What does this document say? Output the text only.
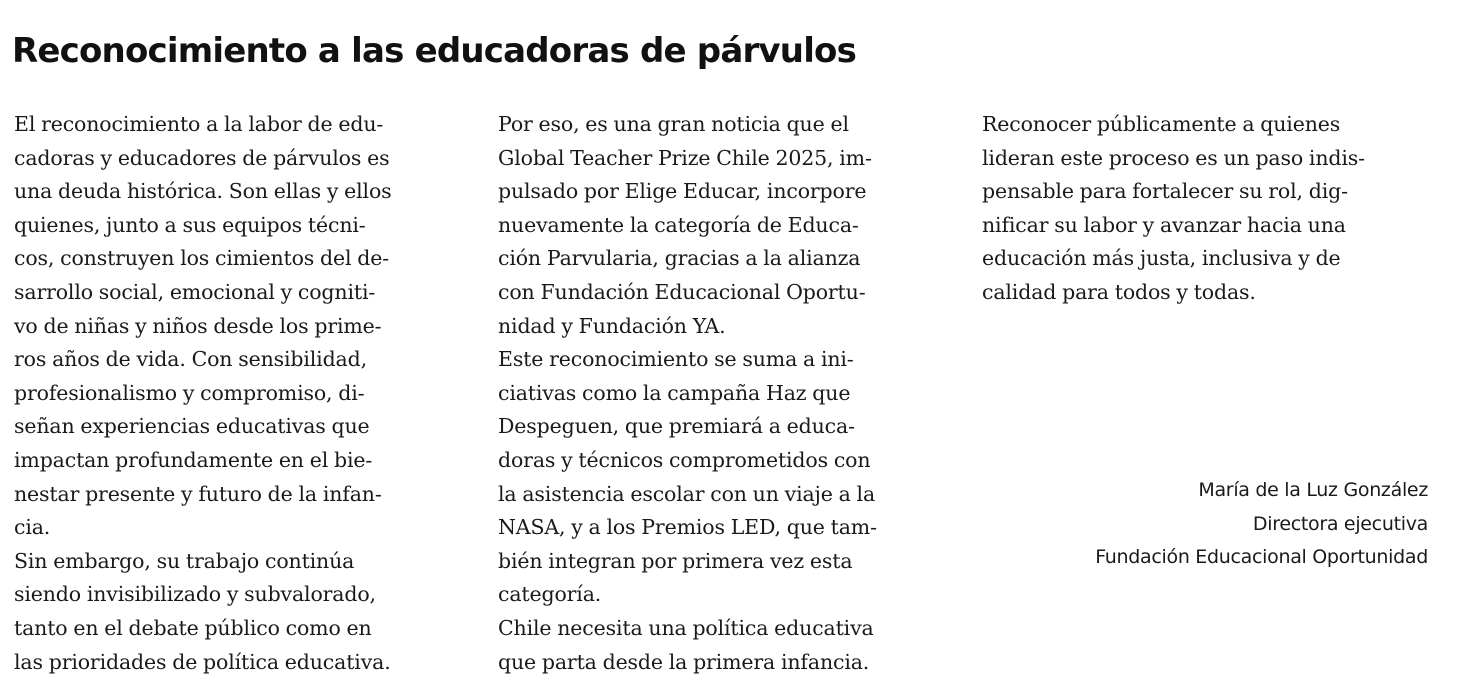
Reconocimiento a las educadoras de párvulos
El reconocimiento a la labor de edu-
cadoras y educadores de párvulos es
una deuda histórica. Son ellas y ellos
quienes, junto a sus equipos técni-
cos, construyen los cimientos del de-
sarrollo social, emocional y cogniti-
vo de niñas y niños desde los prime-
ros años de vida. Con sensibilidad,
profesionalismo y compromiso, di-
señan experiencias educativas que
impactan profundamente en el bie-
nestar presente y futuro de la infan-
cia.
Sin embargo, su trabajo continúa
siendo invisibilizado y subvalorado,
tanto en el debate público como en
las prioridades de política educativa.
Por eso, es una gran noticia que el
Global Teacher Prize Chile 2025, im-
pulsado por Elige Educar, incorpore
nuevamente la categoría de Educa-
ción Parvularia, gracias a la alianza
con Fundación Educacional Oportu-
nidad y Fundación YA.
Este reconocimiento se suma a ini-
ciativas como la campaña Haz que
Despeguen, que premiará a educa-
doras y técnicos comprometidos con
la asistencia escolar con un viaje a la
NASA, y a los Premios LED, que tam-
bién integran por primera vez esta
categoría.
Chile necesita una política educativa
que parta desde la primera infancia.
Reconocer públicamente a quienes
lideran este proceso es un paso indis-
pensable para fortalecer su rol, dig-
nificar su labor y avanzar hacia una
educación más justa, inclusiva y de
calidad para todos y todas.
María de la Luz González
Directora ejecutiva
Fundación Educacional Oportunidad
